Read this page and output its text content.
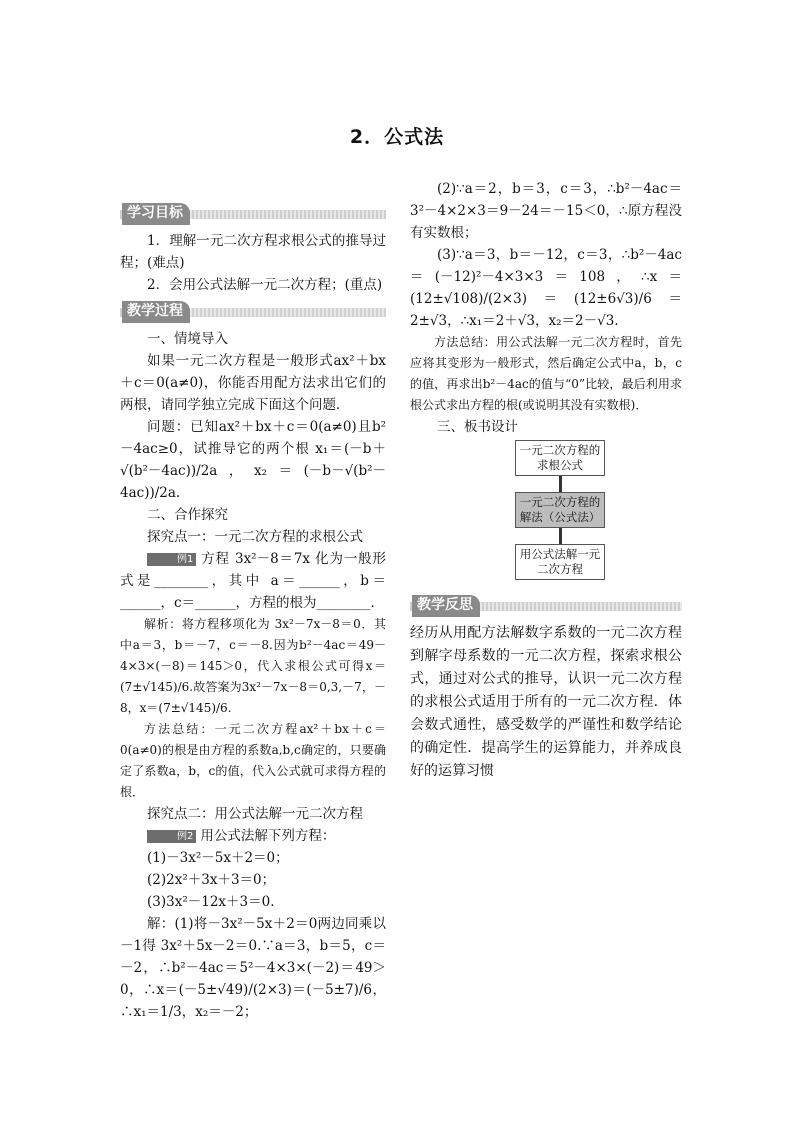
2．公式法
学习目标

1．理解一元二次方程求根公式的推导过程；(难点)

2．会用公式法解一元二次方程；(重点)

教学过程

一、情境导入

如果一元二次方程是一般形式ax²＋bx＋c＝0(a≠0)，你能否用配方法求出它们的两根，请同学独立完成下面这个问题．

问题：已知ax²＋bx＋c＝0(a≠0)且b²－4ac≥0，试推导它的两个根 x₁＝(－b＋√(b²－4ac))/2a，x₂＝(－b－√(b²－4ac))/2a.

二、合作探究

探究点一：一元二次方程的求根公式

例1 方程 3x²－8＝7x 化为一般形式是________，其中 a＝______，b＝______，c＝______，方程的根为________．

解析：将方程移项化为 3x²－7x－8＝0．其中a＝3，b＝－7，c＝－8.因为b²－4ac＝49－4×3×(－8)＝145＞0，代入求根公式可得x＝(7±√145)/6.故答案为3x²－7x－8＝0,3,－7，－8，x＝(7±√145)/6.

方法总结：一元二次方程ax²＋bx＋c＝0(a≠0)的根是由方程的系数a,b,c确定的，只要确定了系数a，b，c的值，代入公式就可求得方程的根．

探究点二：用公式法解一元二次方程

例2 用公式法解下列方程：

(1)－3x²－5x＋2＝0；

(2)2x²＋3x＋3＝0；

(3)3x²－12x＋3＝0.

解：(1)将－3x²－5x＋2＝0两边同乘以－1得 3x²＋5x－2＝0.∵a＝3，b＝5，c＝－2，∴b²－4ac＝5²－4×3×(－2)＝49＞0，∴x＝(－5±√49)/(2×3)＝(－5±7)/6，∴x₁＝1/3，x₂＝－2；

(2)∵a＝2，b＝3，c＝3，∴b²－4ac＝3²－4×2×3＝9－24＝－15＜0，∴原方程没有实数根；

(3)∵a＝3，b＝－12，c＝3，∴b²－4ac＝(－12)²－4×3×3＝108，∴x＝(12±√108)/(2×3)＝(12±6√3)/6＝2±√3，∴x₁＝2＋√3，x₂＝2－√3.

方法总结：用公式法解一元二次方程时，首先应将其变形为一般形式，然后确定公式中a，b，c的值，再求出b²－4ac的值与“0”比较，最后利用求根公式求出方程的根(或说明其没有实数根)．

三、板书设计

一元二次方程的求根公式
一元二次方程的解法（公式法）
用公式法解一元二次方程
教学反思

经历从用配方法解数字系数的一元二次方程到解字母系数的一元二次方程，探索求根公式，通过对公式的推导，认识一元二次方程的求根公式适用于所有的一元二次方程．体会数式通性，感受数学的严谨性和数学结论的确定性．提高学生的运算能力，并养成良好的运算习惯
